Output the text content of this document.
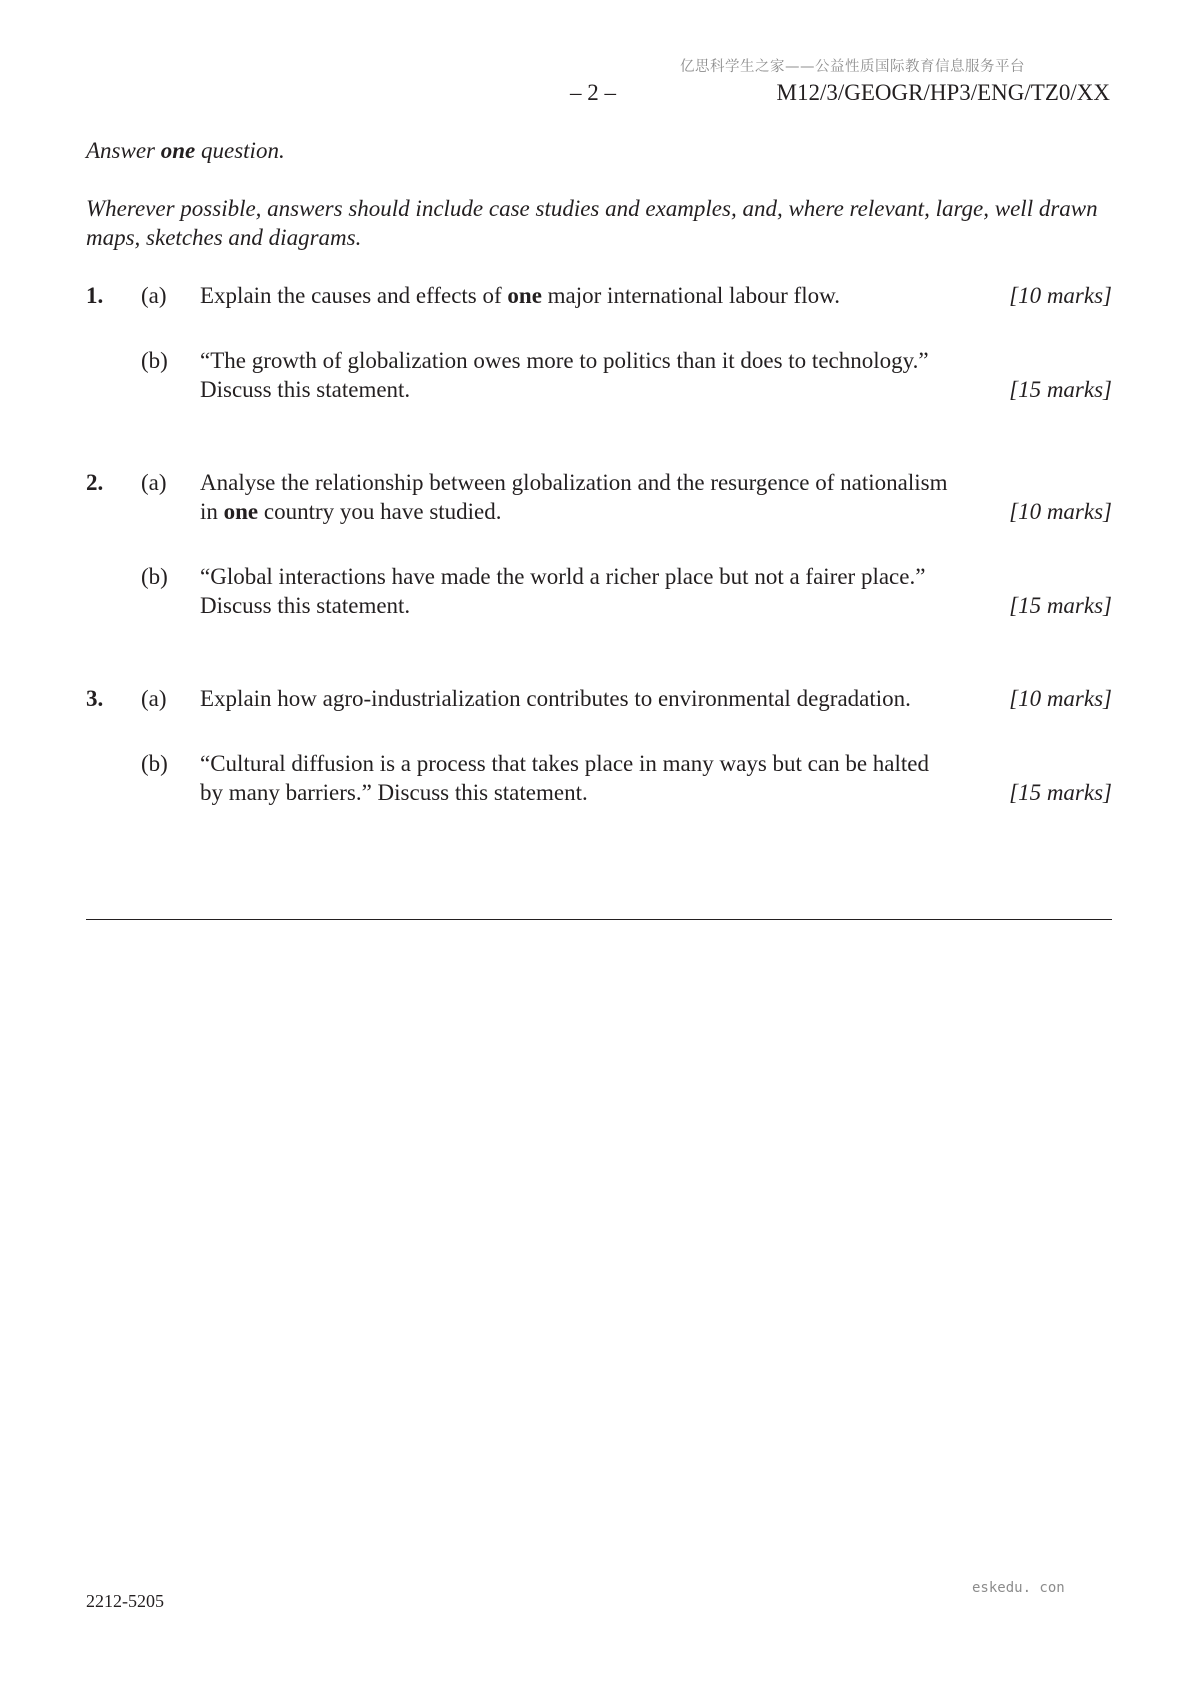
亿思科学生之家——公益性质国际教育信息服务平台
– 2 –	M12/3/GEOGR/HP3/ENG/TZ0/XX

Answer one question.

Wherever possible, answers should include case studies and examples, and, where relevant, large, well drawn maps, sketches and diagrams.

1. (a) Explain the causes and effects of one major international labour flow.	[10 marks]
(b) “The growth of globalization owes more to politics than it does to technology.”
Discuss this statement.	[15 marks]
2. (a) Analyse the relationship between globalization and the resurgence of nationalism
in one country you have studied.	[10 marks]
(b) “Global interactions have made the world a richer place but not a fairer place.”
Discuss this statement.	[15 marks]
3. (a) Explain how agro-industrialization contributes to environmental degradation.	[10 marks]
(b) “Cultural diffusion is a process that takes place in many ways but can be halted
by many barriers.” Discuss this statement.	[15 marks]
2212-5205
eskedu. con
